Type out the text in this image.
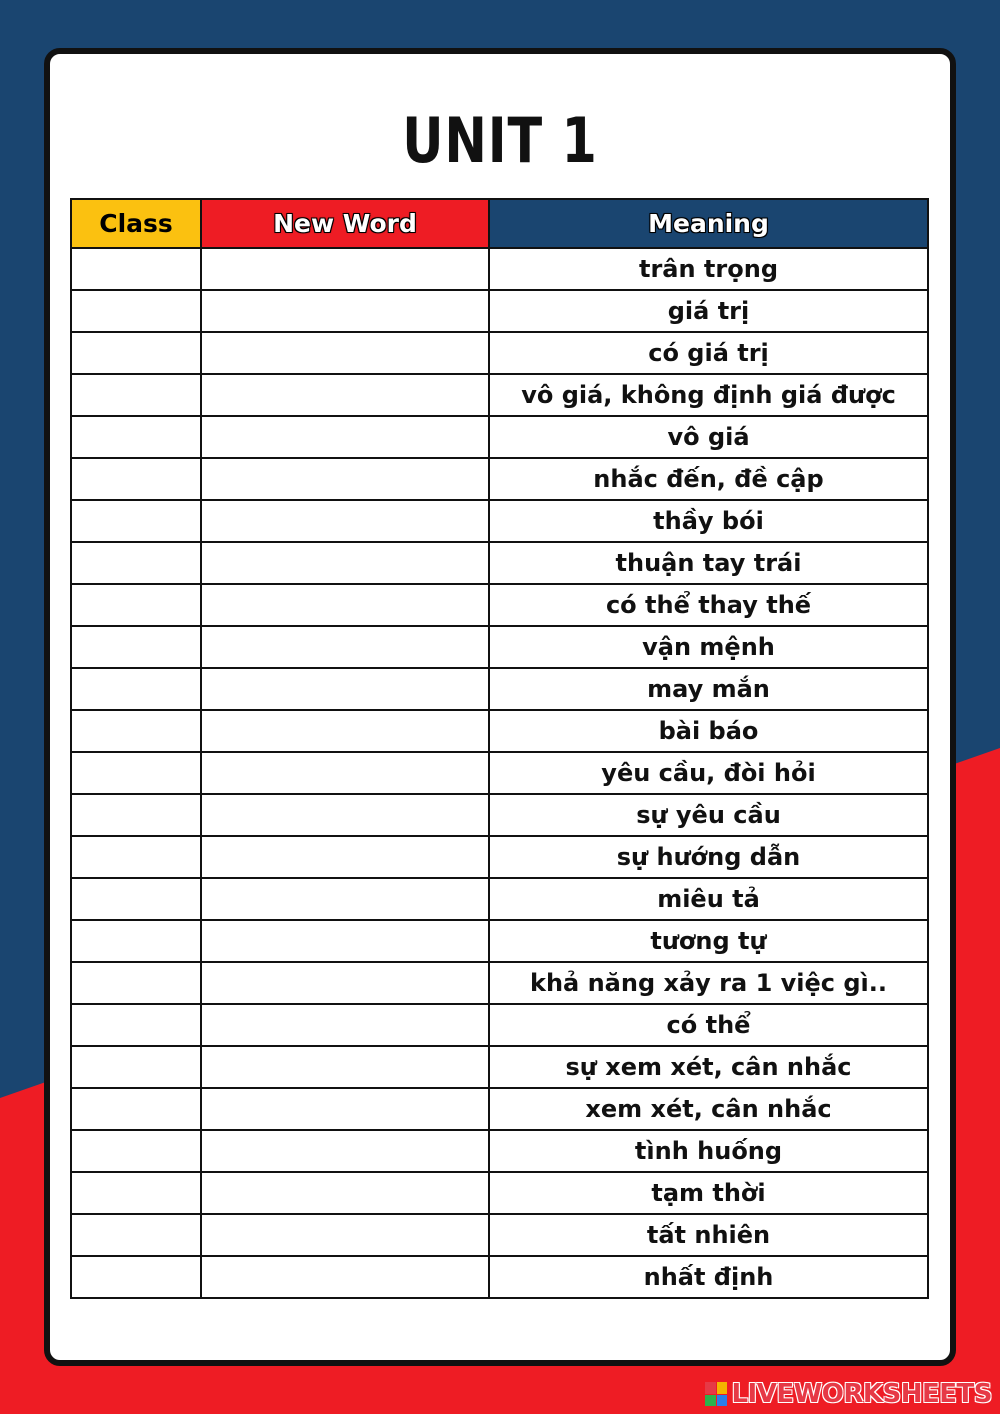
UNIT 1
Class	New Word	Meaning
		trân trọng
		giá trị
		có giá trị
		vô giá, không định giá được
		vô giá
		nhắc đến, đề cập
		thầy bói
		thuận tay trái
		có thể thay thế
		vận mệnh
		may mắn
		bài báo
		yêu cầu, đòi hỏi
		sự yêu cầu
		sự hướng dẫn
		miêu tả
		tương tự
		khả năng xảy ra 1 việc gì..
		có thể
		sự xem xét, cân nhắc
		xem xét, cân nhắc
		tình huống
		tạm thời
		tất nhiên
		nhất định
LIVEWORKSHEETS
